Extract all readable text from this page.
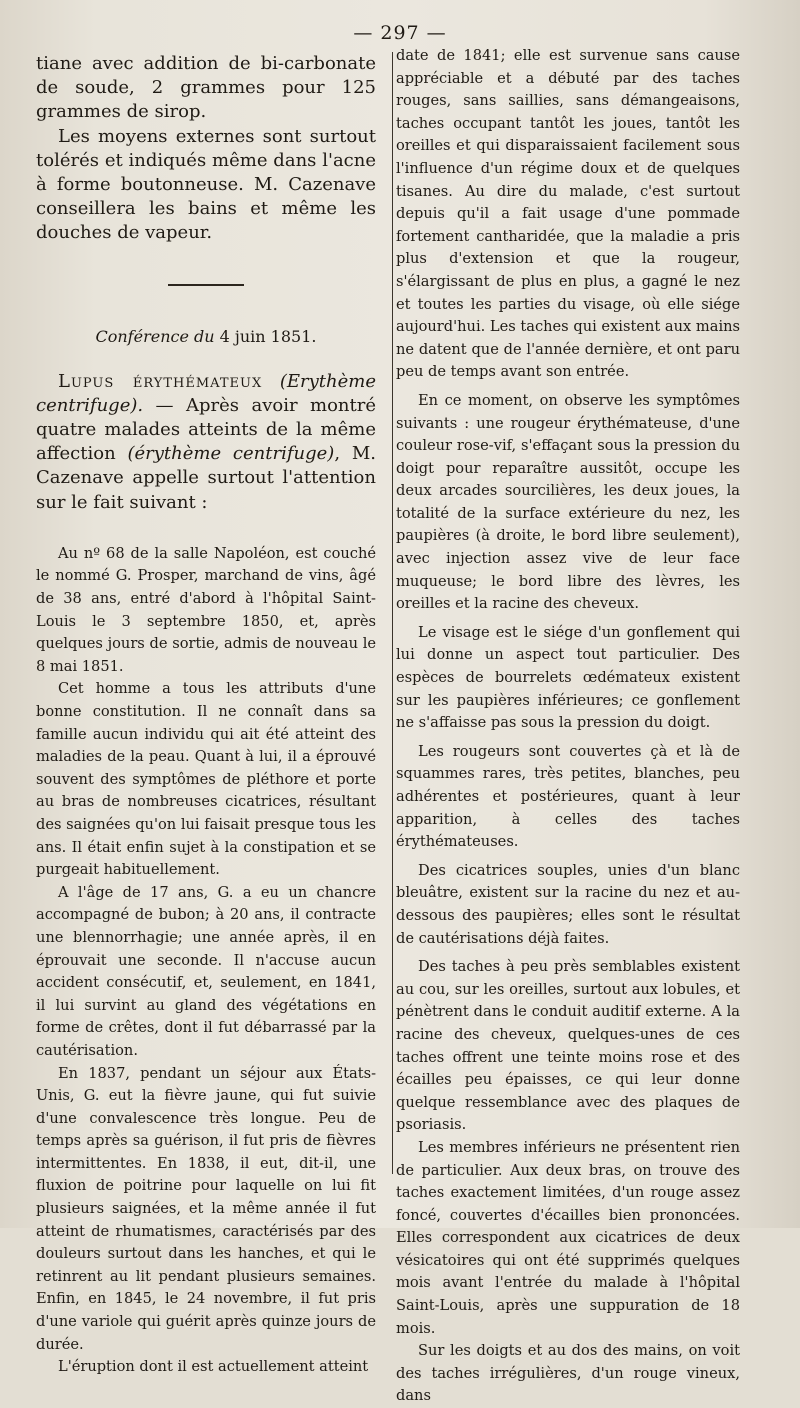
— 297 —

tiane avec addition de bi-carbonate de soude, 2 grammes pour 125 grammes de sirop.

Les moyens externes sont surtout tolérés et indiqués même dans l'acne à forme boutonneuse. M. Cazenave conseillera les bains et même les douches de vapeur.

Conférence du 4 juin 1851.

Lupus érythémateux (Erythème centrifuge). — Après avoir montré quatre malades atteints de la même affection (érythème centrifuge), M. Cazenave appelle surtout l'attention sur le fait suivant :

Au nº 68 de la salle Napoléon, est couché le nommé G. Prosper, marchand de vins, âgé de 38 ans, entré d'abord à l'hôpital Saint-Louis le 3 septembre 1850, et, après quelques jours de sortie, admis de nouveau le 8 mai 1851.

Cet homme a tous les attributs d'une bonne constitution. Il ne connaît dans sa famille aucun individu qui ait été atteint des maladies de la peau. Quant à lui, il a éprouvé souvent des symptômes de pléthore et porte au bras de nombreuses cicatrices, résultant des saignées qu'on lui faisait presque tous les ans. Il était enfin sujet à la constipation et se purgeait habituellement.

A l'âge de 17 ans, G. a eu un chancre accompagné de bubon; à 20 ans, il contracte une blennorrhagie; une année après, il en éprouvait une seconde. Il n'accuse aucun accident consécutif, et, seulement, en 1841, il lui survint au gland des végétations en forme de crêtes, dont il fut débarrassé par la cautérisation.

En 1837, pendant un séjour aux États-Unis, G. eut la fièvre jaune, qui fut suivie d'une convalescence très longue. Peu de temps après sa guérison, il fut pris de fièvres intermittentes. En 1838, il eut, dit-il, une fluxion de poitrine pour laquelle on lui fit plusieurs saignées, et la même année il fut atteint de rhumatismes, caractérisés par des douleurs surtout dans les hanches, et qui le retinrent au lit pendant plusieurs semaines. Enfin, en 1845, le 24 novembre, il fut pris d'une variole qui guérit après quinze jours de durée.

L'éruption dont il est actuellement atteint

date de 1841; elle est survenue sans cause appréciable et a débuté par des taches rouges, sans saillies, sans démangeaisons, taches occupant tantôt les joues, tantôt les oreilles et qui disparaissaient facilement sous l'influence d'un régime doux et de quelques tisanes. Au dire du malade, c'est surtout depuis qu'il a fait usage d'une pommade fortement cantharidée, que la maladie a pris plus d'extension et que la rougeur, s'élargissant de plus en plus, a gagné le nez et toutes les parties du visage, où elle siége aujourd'hui. Les taches qui existent aux mains ne datent que de l'année dernière, et ont paru peu de temps avant son entrée.

En ce moment, on observe les symptômes suivants : une rougeur érythémateuse, d'une couleur rose-vif, s'effaçant sous la pression du doigt pour reparaître aussitôt, occupe les deux arcades sourcilières, les deux joues, la totalité de la surface extérieure du nez, les paupières (à droite, le bord libre seulement), avec injection assez vive de leur face muqueuse; le bord libre des lèvres, les oreilles et la racine des cheveux.

Le visage est le siége d'un gonflement qui lui donne un aspect tout particulier. Des espèces de bourrelets œdémateux existent sur les paupières inférieures; ce gonflement ne s'affaisse pas sous la pression du doigt.

Les rougeurs sont couvertes çà et là de squammes rares, très petites, blanches, peu adhérentes et postérieures, quant à leur apparition, à celles des taches érythémateuses.

Des cicatrices souples, unies d'un blanc bleuâtre, existent sur la racine du nez et au-dessous des paupières; elles sont le résultat de cautérisations déjà faites.

Des taches à peu près semblables existent au cou, sur les oreilles, surtout aux lobules, et pénètrent dans le conduit auditif externe. A la racine des cheveux, quelques-unes de ces taches offrent une teinte moins rose et des écailles peu épaisses, ce qui leur donne quelque ressemblance avec des plaques de psoriasis.

Les membres inférieurs ne présentent rien de particulier. Aux deux bras, on trouve des taches exactement limitées, d'un rouge assez foncé, couvertes d'écailles bien prononcées. Elles correspondent aux cicatrices de deux vésicatoires qui ont été supprimés quelques mois avant l'entrée du malade à l'hôpital Saint-Louis, après une suppuration de 18 mois.

Sur les doigts et au dos des mains, on voit des taches irrégulières, d'un rouge vineux, dans
